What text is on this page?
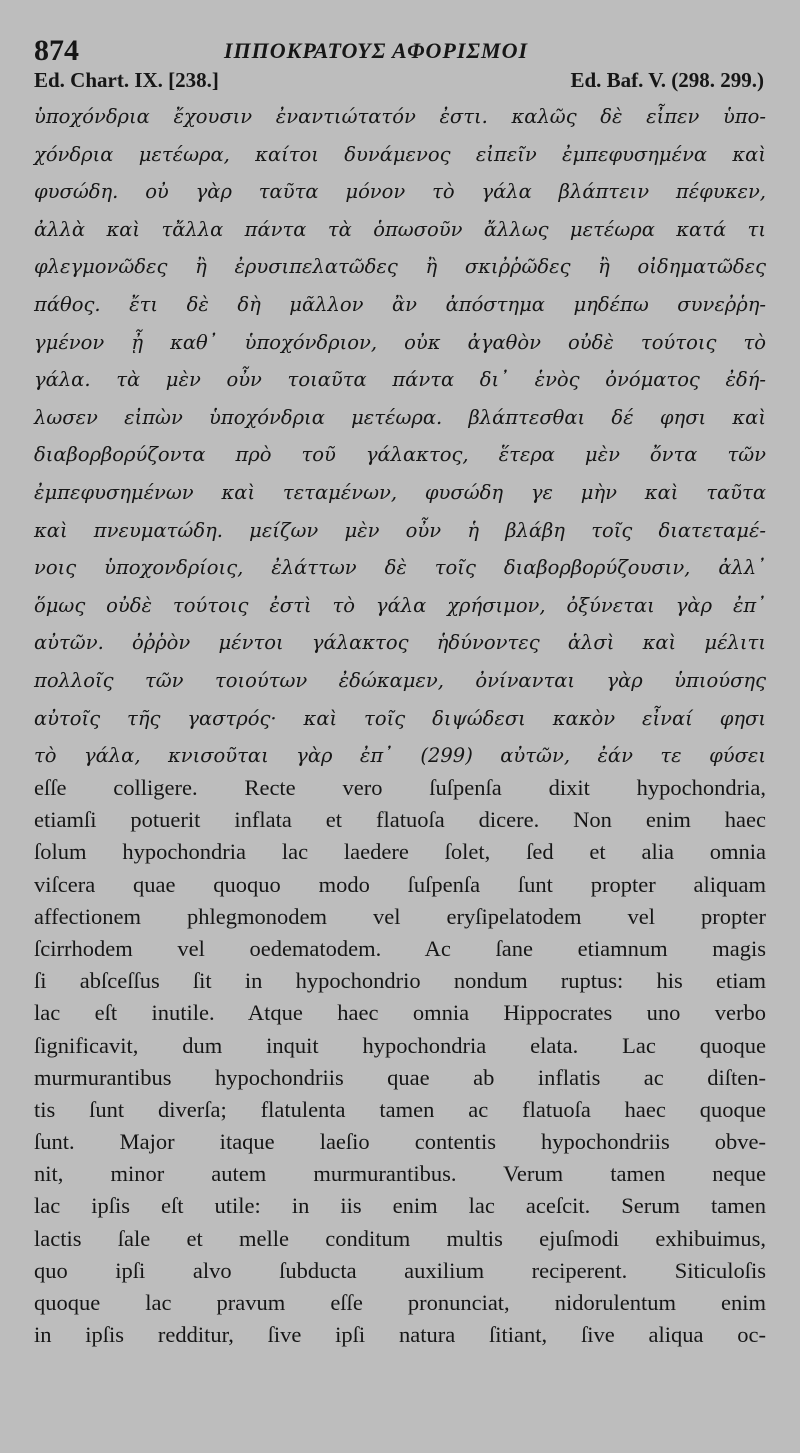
874	ΙΠΠΟΚΡΑΤΟΥΣ ΑΦΟΡΙΣΜΟΙ
Ed. Chart. IX. [238.]	Ed. Baf. V. (298. 299.)
ὑποχόνδρια ἔχουσιν ἐναντιώτατόν ἐστι. καλῶς δὲ εἶπεν ὑπο-
χόνδρια μετέωρα, καίτοι δυνάμενος εἰπεῖν ἐμπεφυσημένα καὶ
φυσώδη. οὐ γὰρ ταῦτα μόνον τὸ γάλα βλάπτειν πέφυκεν,
ἀλλὰ καὶ τἄλλα πάντα τὰ ὁπωσοῦν ἄλλως μετέωρα κατά τι
φλεγμονῶδες ἢ ἐρυσιπελατῶδες ἢ σκιῤῥῶδες ἢ οἰδηματῶδες
πάθος. ἔτι δὲ δὴ μᾶλλον ἂν ἀπόστημα μηδέπω συνεῤῥη-
γμένον ᾖ καθ᾽ ὑποχόνδριον, οὐκ ἀγαθὸν οὐδὲ τούτοις τὸ
γάλα. τὰ μὲν οὖν τοιαῦτα πάντα δι᾽ ἑνὸς ὀνόματος ἐδή-
λωσεν εἰπὼν ὑποχόνδρια μετέωρα. βλάπτεσθαι δέ φησι καὶ
διαβορβορύζοντα πρὸ τοῦ γάλακτος, ἕτερα μὲν ὄντα τῶν
ἐμπεφυσημένων καὶ τεταμένων, φυσώδη γε μὴν καὶ ταῦτα
καὶ πνευματώδη. μείζων μὲν οὖν ἡ βλάβη τοῖς διατεταμέ-
νοις ὑποχονδρίοις, ἐλάττων δὲ τοῖς διαβορβορύζουσιν, ἀλλ᾽
ὅμως οὐδὲ τούτοις ἐστὶ τὸ γάλα χρήσιμον, ὀξύνεται γὰρ ἐπ᾽
αὐτῶν. ὀῤῥὸν μέντοι γάλακτος ἡδύνοντες ἁλσὶ καὶ μέλιτι
πολλοῖς τῶν τοιούτων ἐδώκαμεν, ὀνίνανται γὰρ ὑπιούσης
αὐτοῖς τῆς γαστρός· καὶ τοῖς διψώδεσι κακὸν εἶναί φησι
τὸ γάλα, κνισοῦται γὰρ ἐπ᾽ (299) αὐτῶν, ἐάν τε φύσει
eſſe colligere. Recte vero ſuſpenſa dixit hypochondria,
etiamſi potuerit inflata et flatuoſa dicere. Non enim haec
ſolum hypochondria lac laedere ſolet, ſed et alia omnia
viſcera quae quoquo modo ſuſpenſa ſunt propter aliquam
affectionem phlegmonodem vel eryſipelatodem vel propter
ſcirrhodem vel oedematodem. Ac ſane etiamnum magis
ſi abſceſſus ſit in hypochondrio nondum ruptus: his etiam
lac eſt inutile. Atque haec omnia Hippocrates uno verbo
ſignificavit, dum inquit hypochondria elata. Lac quoque
murmurantibus hypochondriis quae ab inflatis ac diſten-
tis ſunt diverſa; flatulenta tamen ac flatuoſa haec quoque
ſunt. Major itaque laeſio contentis hypochondriis obve-
nit, minor autem murmurantibus. Verum tamen neque
lac ipſis eſt utile: in iis enim lac aceſcit. Serum tamen
lactis ſale et melle conditum multis ejuſmodi exhibuimus,
quo ipſi alvo ſubducta auxilium reciperent. Siticuloſis
quoque lac pravum eſſe pronunciat, nidorulentum enim
in ipſis redditur, ſive ipſi natura ſitiant, ſive aliqua oc-
